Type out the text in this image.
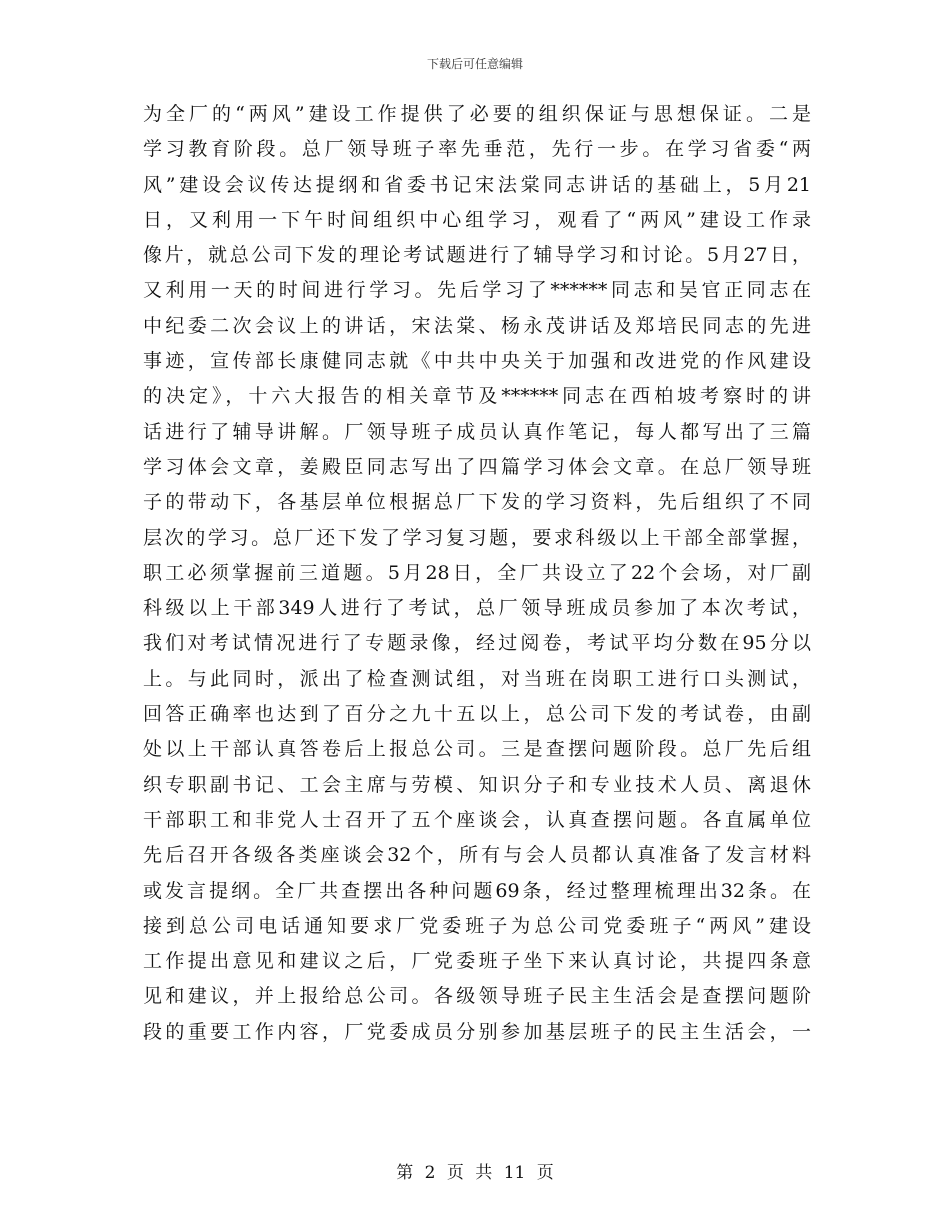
下载后可任意编辑
为全厂的“两风”建设工作提供了必要的组织保证与思想保证。二是
学习教育阶段。总厂领导班子率先垂范，先行一步。在学习省委“两
风”建设会议传达提纲和省委书记宋法棠同志讲话的基础上，5月21
日，又利用一下午时间组织中心组学习，观看了“两风”建设工作录
像片，就总公司下发的理论考试题进行了辅导学习和讨论。5月27日，
又利用一天的时间进行学习。先后学习了******同志和吴官正同志在
中纪委二次会议上的讲话，宋法棠、杨永茂讲话及郑培民同志的先进
事迹，宣传部长康健同志就《中共中央关于加强和改进党的作风建设
的决定》，十六大报告的相关章节及******同志在西柏坡考察时的讲
话进行了辅导讲解。厂领导班子成员认真作笔记，每人都写出了三篇
学习体会文章，姜殿臣同志写出了四篇学习体会文章。在总厂领导班
子的带动下，各基层单位根据总厂下发的学习资料，先后组织了不同
层次的学习。总厂还下发了学习复习题，要求科级以上干部全部掌握，
职工必须掌握前三道题。5月28日，全厂共设立了22个会场，对厂副
科级以上干部349人进行了考试，总厂领导班成员参加了本次考试，
我们对考试情况进行了专题录像，经过阅卷，考试平均分数在95分以
上。与此同时，派出了检查测试组，对当班在岗职工进行口头测试，
回答正确率也达到了百分之九十五以上，总公司下发的考试卷，由副
处以上干部认真答卷后上报总公司。三是查摆问题阶段。总厂先后组
织专职副书记、工会主席与劳模、知识分子和专业技术人员、离退休
干部职工和非党人士召开了五个座谈会，认真查摆问题。各直属单位
先后召开各级各类座谈会32个，所有与会人员都认真准备了发言材料
或发言提纲。全厂共查摆出各种问题69条，经过整理梳理出32条。在
接到总公司电话通知要求厂党委班子为总公司党委班子“两风”建设
工作提出意见和建议之后，厂党委班子坐下来认真讨论，共提四条意
见和建议，并上报给总公司。各级领导班子民主生活会是查摆问题阶
段的重要工作内容，厂党委成员分别参加基层班子的民主生活会，一
第 2 页 共 11 页
